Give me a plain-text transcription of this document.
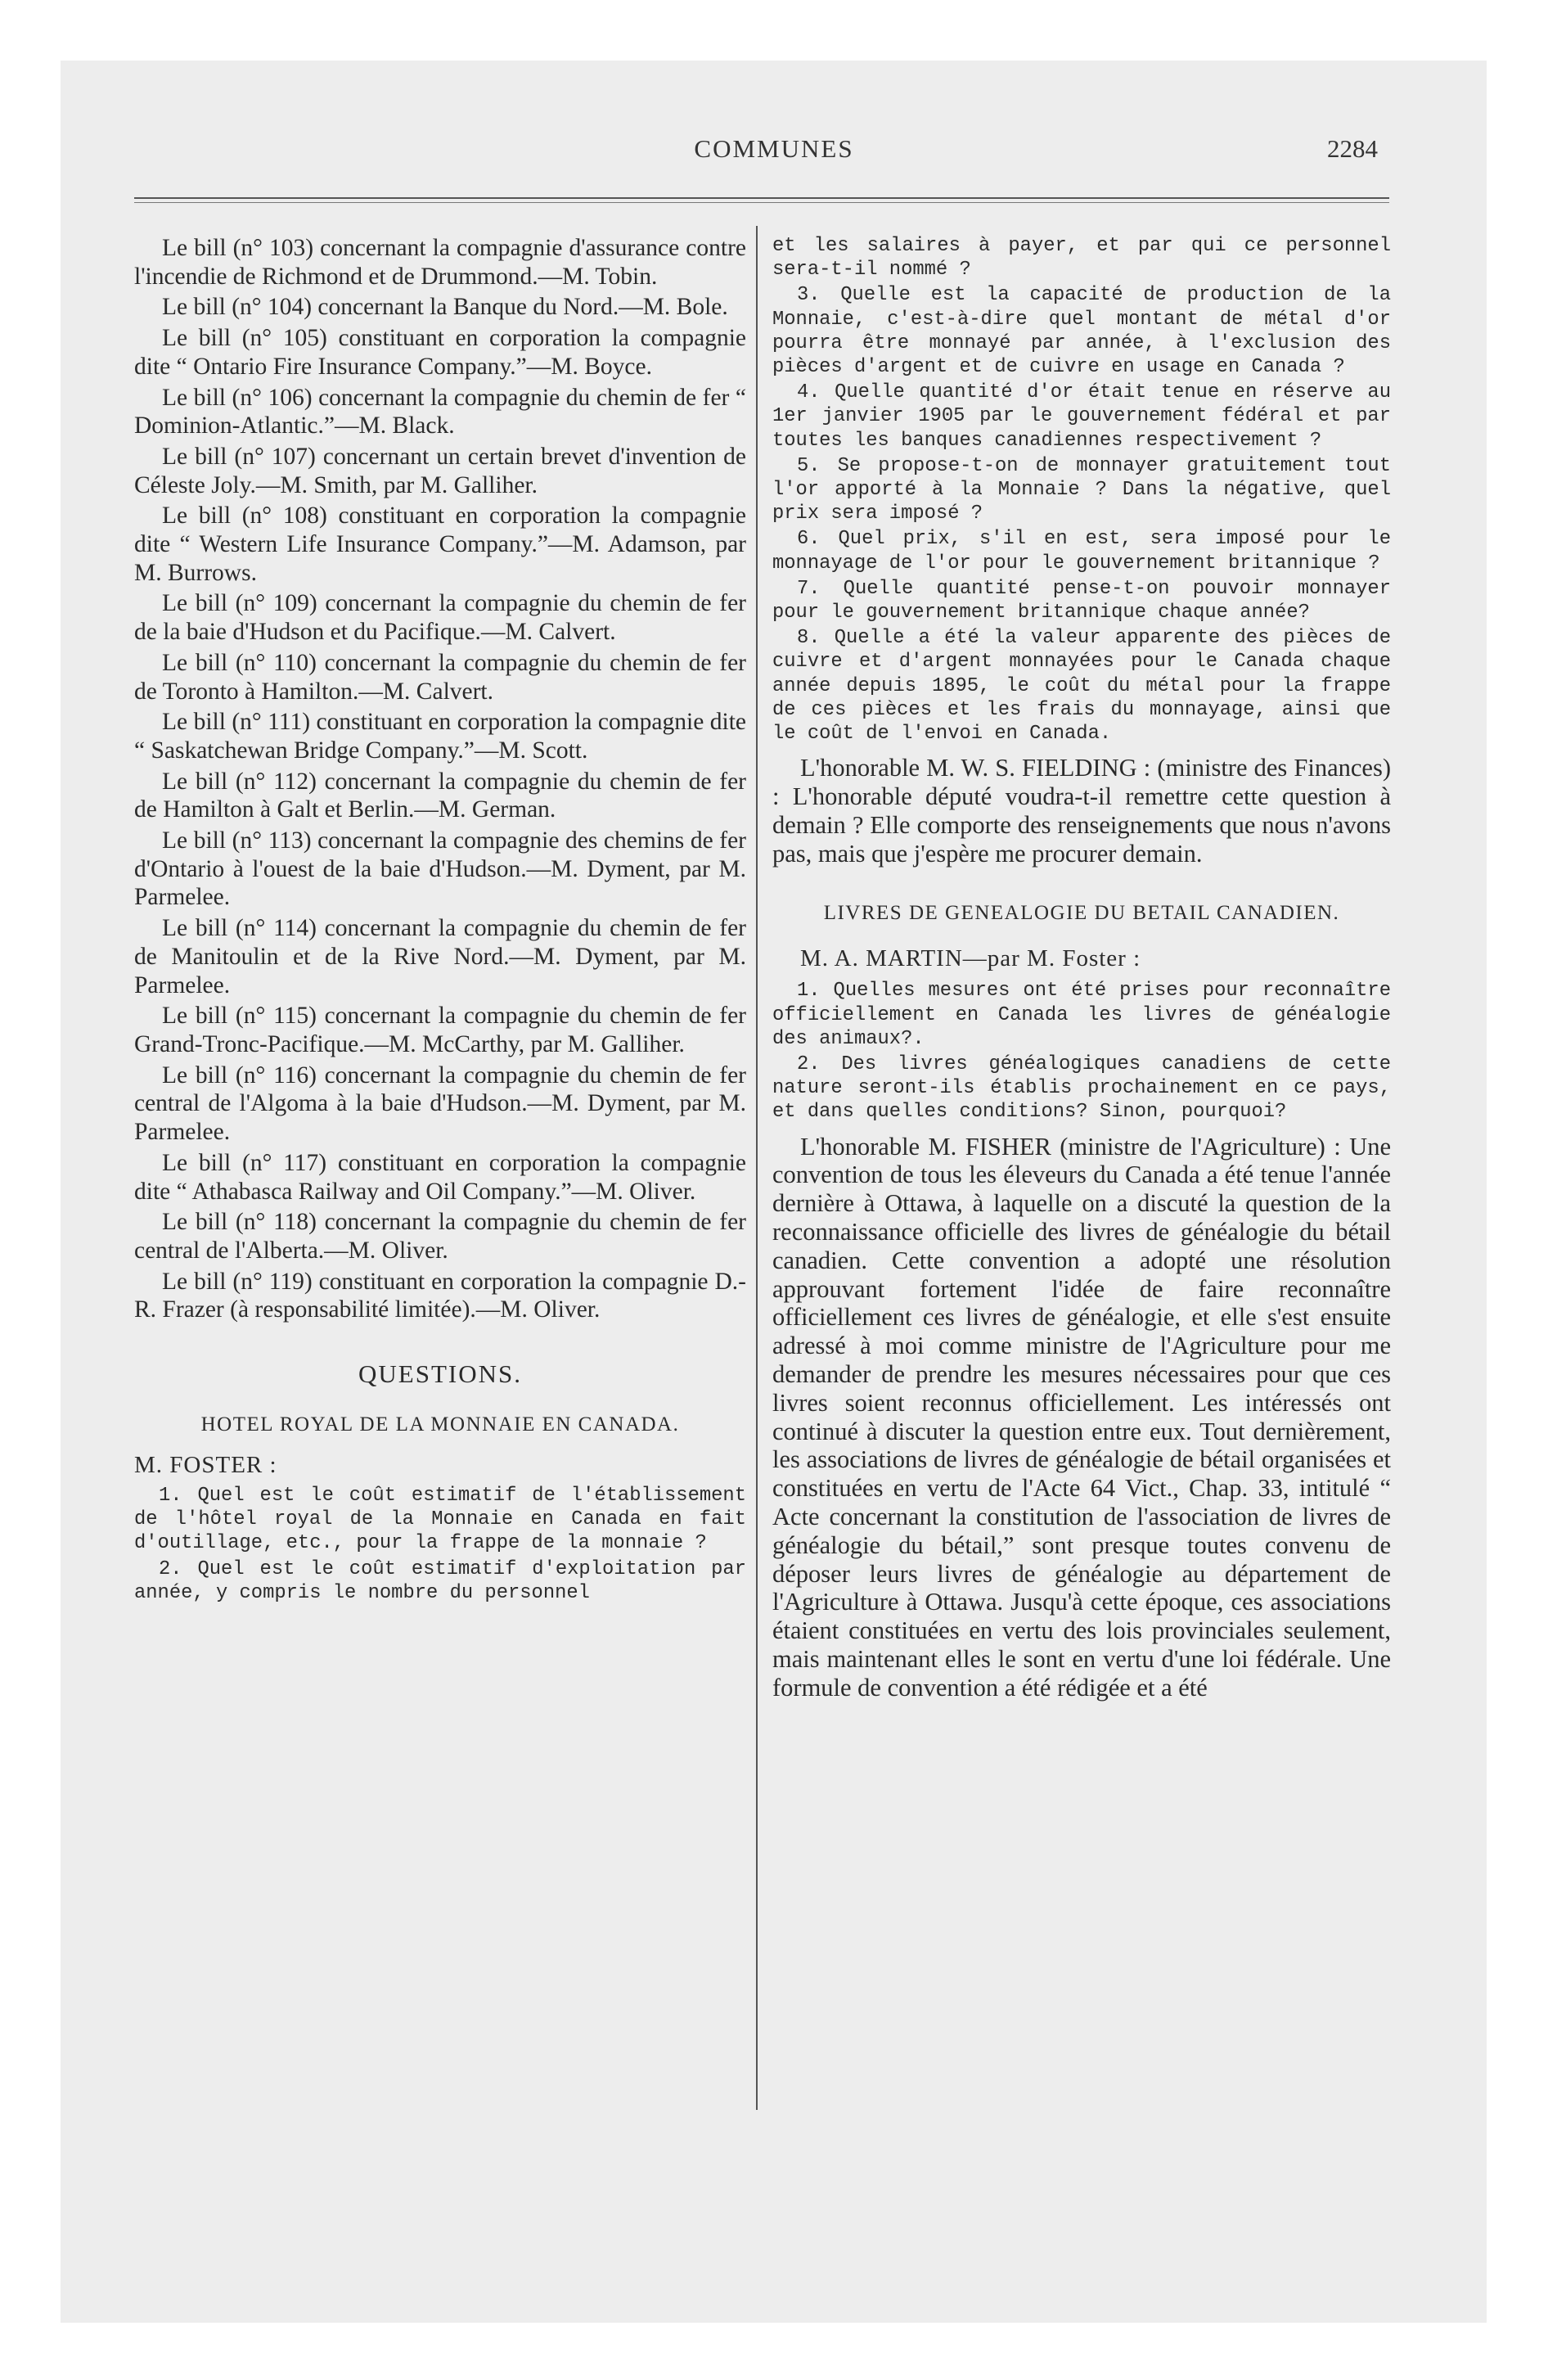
COMMUNES	2284

Le bill (n° 103) concernant la compagnie d'assurance contre l'incendie de Richmond et de Drummond.—M. Tobin.

Le bill (n° 104) concernant la Banque du Nord.—M. Bole.

Le bill (n° 105) constituant en corporation la compagnie dite “ Ontario Fire Insurance Company.”—M. Boyce.

Le bill (n° 106) concernant la compagnie du chemin de fer “ Dominion-Atlantic.”—M. Black.

Le bill (n° 107) concernant un certain brevet d'invention de Céleste Joly.—M. Smith, par M. Galliher.

Le bill (n° 108) constituant en corporation la compagnie dite “ Western Life Insurance Company.”—M. Adamson, par M. Burrows.

Le bill (n° 109) concernant la compagnie du chemin de fer de la baie d'Hudson et du Pacifique.—M. Calvert.

Le bill (n° 110) concernant la compagnie du chemin de fer de Toronto à Hamilton.—M. Calvert.

Le bill (n° 111) constituant en corporation la compagnie dite “ Saskatchewan Bridge Company.”—M. Scott.

Le bill (n° 112) concernant la compagnie du chemin de fer de Hamilton à Galt et Berlin.—M. German.

Le bill (n° 113) concernant la compagnie des chemins de fer d'Ontario à l'ouest de la baie d'Hudson.—M. Dyment, par M. Parmelee.

Le bill (n° 114) concernant la compagnie du chemin de fer de Manitoulin et de la Rive Nord.—M. Dyment, par M. Parmelee.

Le bill (n° 115) concernant la compagnie du chemin de fer Grand-Tronc-Pacifique.—M. McCarthy, par M. Galliher.

Le bill (n° 116) concernant la compagnie du chemin de fer central de l'Algoma à la baie d'Hudson.—M. Dyment, par M. Parmelee.

Le bill (n° 117) constituant en corporation la compagnie dite “ Athabasca Railway and Oil Company.”—M. Oliver.

Le bill (n° 118) concernant la compagnie du chemin de fer central de l'Alberta.—M. Oliver.

Le bill (n° 119) constituant en corporation la compagnie D.-R. Frazer (à responsabilité limitée).—M. Oliver.

QUESTIONS.
HOTEL ROYAL DE LA MONNAIE EN CANADA.
M. FOSTER :

1. Quel est le coût estimatif de l'établissement de l'hôtel royal de la Monnaie en Canada en fait d'outillage, etc., pour la frappe de la monnaie ?

2. Quel est le coût estimatif d'exploitation par année, y compris le nombre du personnel

et les salaires à payer, et par qui ce personnel sera-t-il nommé ?

3. Quelle est la capacité de production de la Monnaie, c'est-à-dire quel montant de métal d'or pourra être monnayé par année, à l'exclusion des pièces d'argent et de cuivre en usage en Canada ?

4. Quelle quantité d'or était tenue en réserve au 1er janvier 1905 par le gouvernement fédéral et par toutes les banques canadiennes respectivement ?

5. Se propose-t-on de monnayer gratuitement tout l'or apporté à la Monnaie ? Dans la négative, quel prix sera imposé ?

6. Quel prix, s'il en est, sera imposé pour le monnayage de l'or pour le gouvernement britannique ?

7. Quelle quantité pense-t-on pouvoir monnayer pour le gouvernement britannique chaque année?

8. Quelle a été la valeur apparente des pièces de cuivre et d'argent monnayées pour le Canada chaque année depuis 1895, le coût du métal pour la frappe de ces pièces et les frais du monnayage, ainsi que le coût de l'envoi en Canada.

L'honorable M. W. S. FIELDING : (ministre des Finances) : L'honorable député voudra-t-il remettre cette question à demain ? Elle comporte des renseignements que nous n'avons pas, mais que j'espère me procurer demain.

LIVRES DE GENEALOGIE DU BETAIL CANADIEN.
M. A. MARTIN—par M. Foster :

1. Quelles mesures ont été prises pour reconnaître officiellement en Canada les livres de généalogie des animaux?.

2. Des livres généalogiques canadiens de cette nature seront-ils établis prochainement en ce pays, et dans quelles conditions? Sinon, pourquoi?

L'honorable M. FISHER (ministre de l'Agriculture) : Une convention de tous les éleveurs du Canada a été tenue l'année dernière à Ottawa, à laquelle on a discuté la question de la reconnaissance officielle des livres de généalogie du bétail canadien. Cette convention a adopté une résolution approuvant fortement l'idée de faire reconnaître officiellement ces livres de généalogie, et elle s'est ensuite adressé à moi comme ministre de l'Agriculture pour me demander de prendre les mesures nécessaires pour que ces livres soient reconnus officiellement. Les intéressés ont continué à discuter la question entre eux. Tout dernièrement, les associations de livres de généalogie de bétail organisées et constituées en vertu de l'Acte 64 Vict., Chap. 33, intitulé “ Acte concernant la constitution de l'association de livres de généalogie du bétail,” sont presque toutes convenu de déposer leurs livres de généalogie au département de l'Agriculture à Ottawa. Jusqu'à cette époque, ces associations étaient constituées en vertu des lois provinciales seulement, mais maintenant elles le sont en vertu d'une loi fédérale. Une formule de convention a été rédigée et a été
